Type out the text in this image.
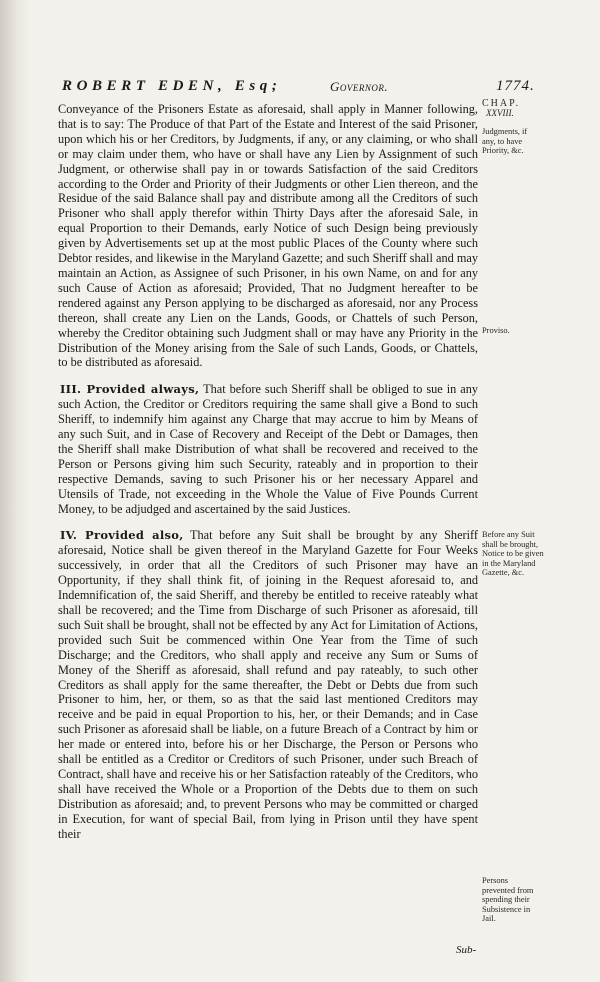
ROBERT EDEN, Esq;	Governor.	1774.
CHAP.
XXVIII.

Conveyance of the Prisoners Estate as aforesaid, shall apply in Manner following, that is to say: The Produce of that Part of the Estate and Interest of the said Prisoner, upon which his or her Creditors, by Judgments, if any, or any claiming, or who shall or may claim under them, who have or shall have any Lien by Assignment of such Judgment, or otherwise shall pay in or towards Satisfaction of the said Creditors according to the Order and Priority of their Judgments or other Lien thereon, and the Residue of the said Balance shall pay and distribute among all the Creditors of such Prisoner who shall apply therefor within Thirty Days after the aforesaid Sale, in equal Proportion to their Demands, early Notice of such Design being previously given by Advertisements set up at the most public Places of the County where such Debtor resides, and likewise in the Maryland Gazette; and such Sheriff shall and may maintain an Action, as Assignee of such Prisoner, in his own Name, on and for any such Cause of Action as aforesaid; Provided, That no Judgment hereafter to be rendered against any Person applying to be discharged as aforesaid, nor any Process thereon, shall create any Lien on the Lands, Goods, or Chattels of such Person, whereby the Creditor obtaining such Judgment shall or may have any Priority in the Distribution of the Money arising from the Sale of such Lands, Goods, or Chattels, to be distributed as aforesaid.

III. Provided always, That before such Sheriff shall be obliged to sue in any such Action, the Creditor or Creditors requiring the same shall give a Bond to such Sheriff, to indemnify him against any Charge that may accrue to him by Means of any such Suit, and in Case of Recovery and Receipt of the Debt or Damages, then the Sheriff shall make Distribution of what shall be recovered and received to the Person or Persons giving him such Security, rateably and in proportion to their respective Demands, saving to such Prisoner his or her necessary Apparel and Utensils of Trade, not exceeding in the Whole the Value of Five Pounds Current Money, to be adjudged and ascertained by the said Justices.

IV. Provided also, That before any Suit shall be brought by any Sheriff aforesaid, Notice shall be given thereof in the Maryland Gazette for Four Weeks successively, in order that all the Creditors of such Prisoner may have an Opportunity, if they shall think fit, of joining in the Request aforesaid to, and Indemnification of, the said Sheriff, and thereby be entitled to receive rateably what shall be recovered; and the Time from Discharge of such Prisoner as aforesaid, till such Suit shall be brought, shall not be effected by any Act for Limitation of Actions, provided such Suit be commenced within One Year from the Time of such Discharge; and the Creditors, who shall apply and receive any Sum or Sums of Money of the Sheriff as aforesaid, shall refund and pay rateably, to such other Creditors as shall apply for the same thereafter, the Debt or Debts due from such Prisoner to him, her, or them, so as that the said last mentioned Creditors may receive and be paid in equal Proportion to his, her, or their Demands; and in Case such Prisoner as aforesaid shall be liable, on a future Breach of a Contract by him or her made or entered into, before his or her Discharge, the Person or Persons who shall be entitled as a Creditor or Creditors of such Prisoner, under such Breach of Contract, shall have and receive his or her Satisfaction rateably of the Creditors, who shall have received the Whole or a Proportion of the Debts due to them on such Distribution as aforesaid; and, to prevent Persons who may be committed or charged in Execution, for want of special Bail, from lying in Prison until they have spent their

Judgments, if any, to have Priority, &c.
Proviso.
Before any Suit shall be brought, Notice to be given in the Maryland Gazette, &c.
Persons prevented from spending their Subsistence in Jail.
Sub-
